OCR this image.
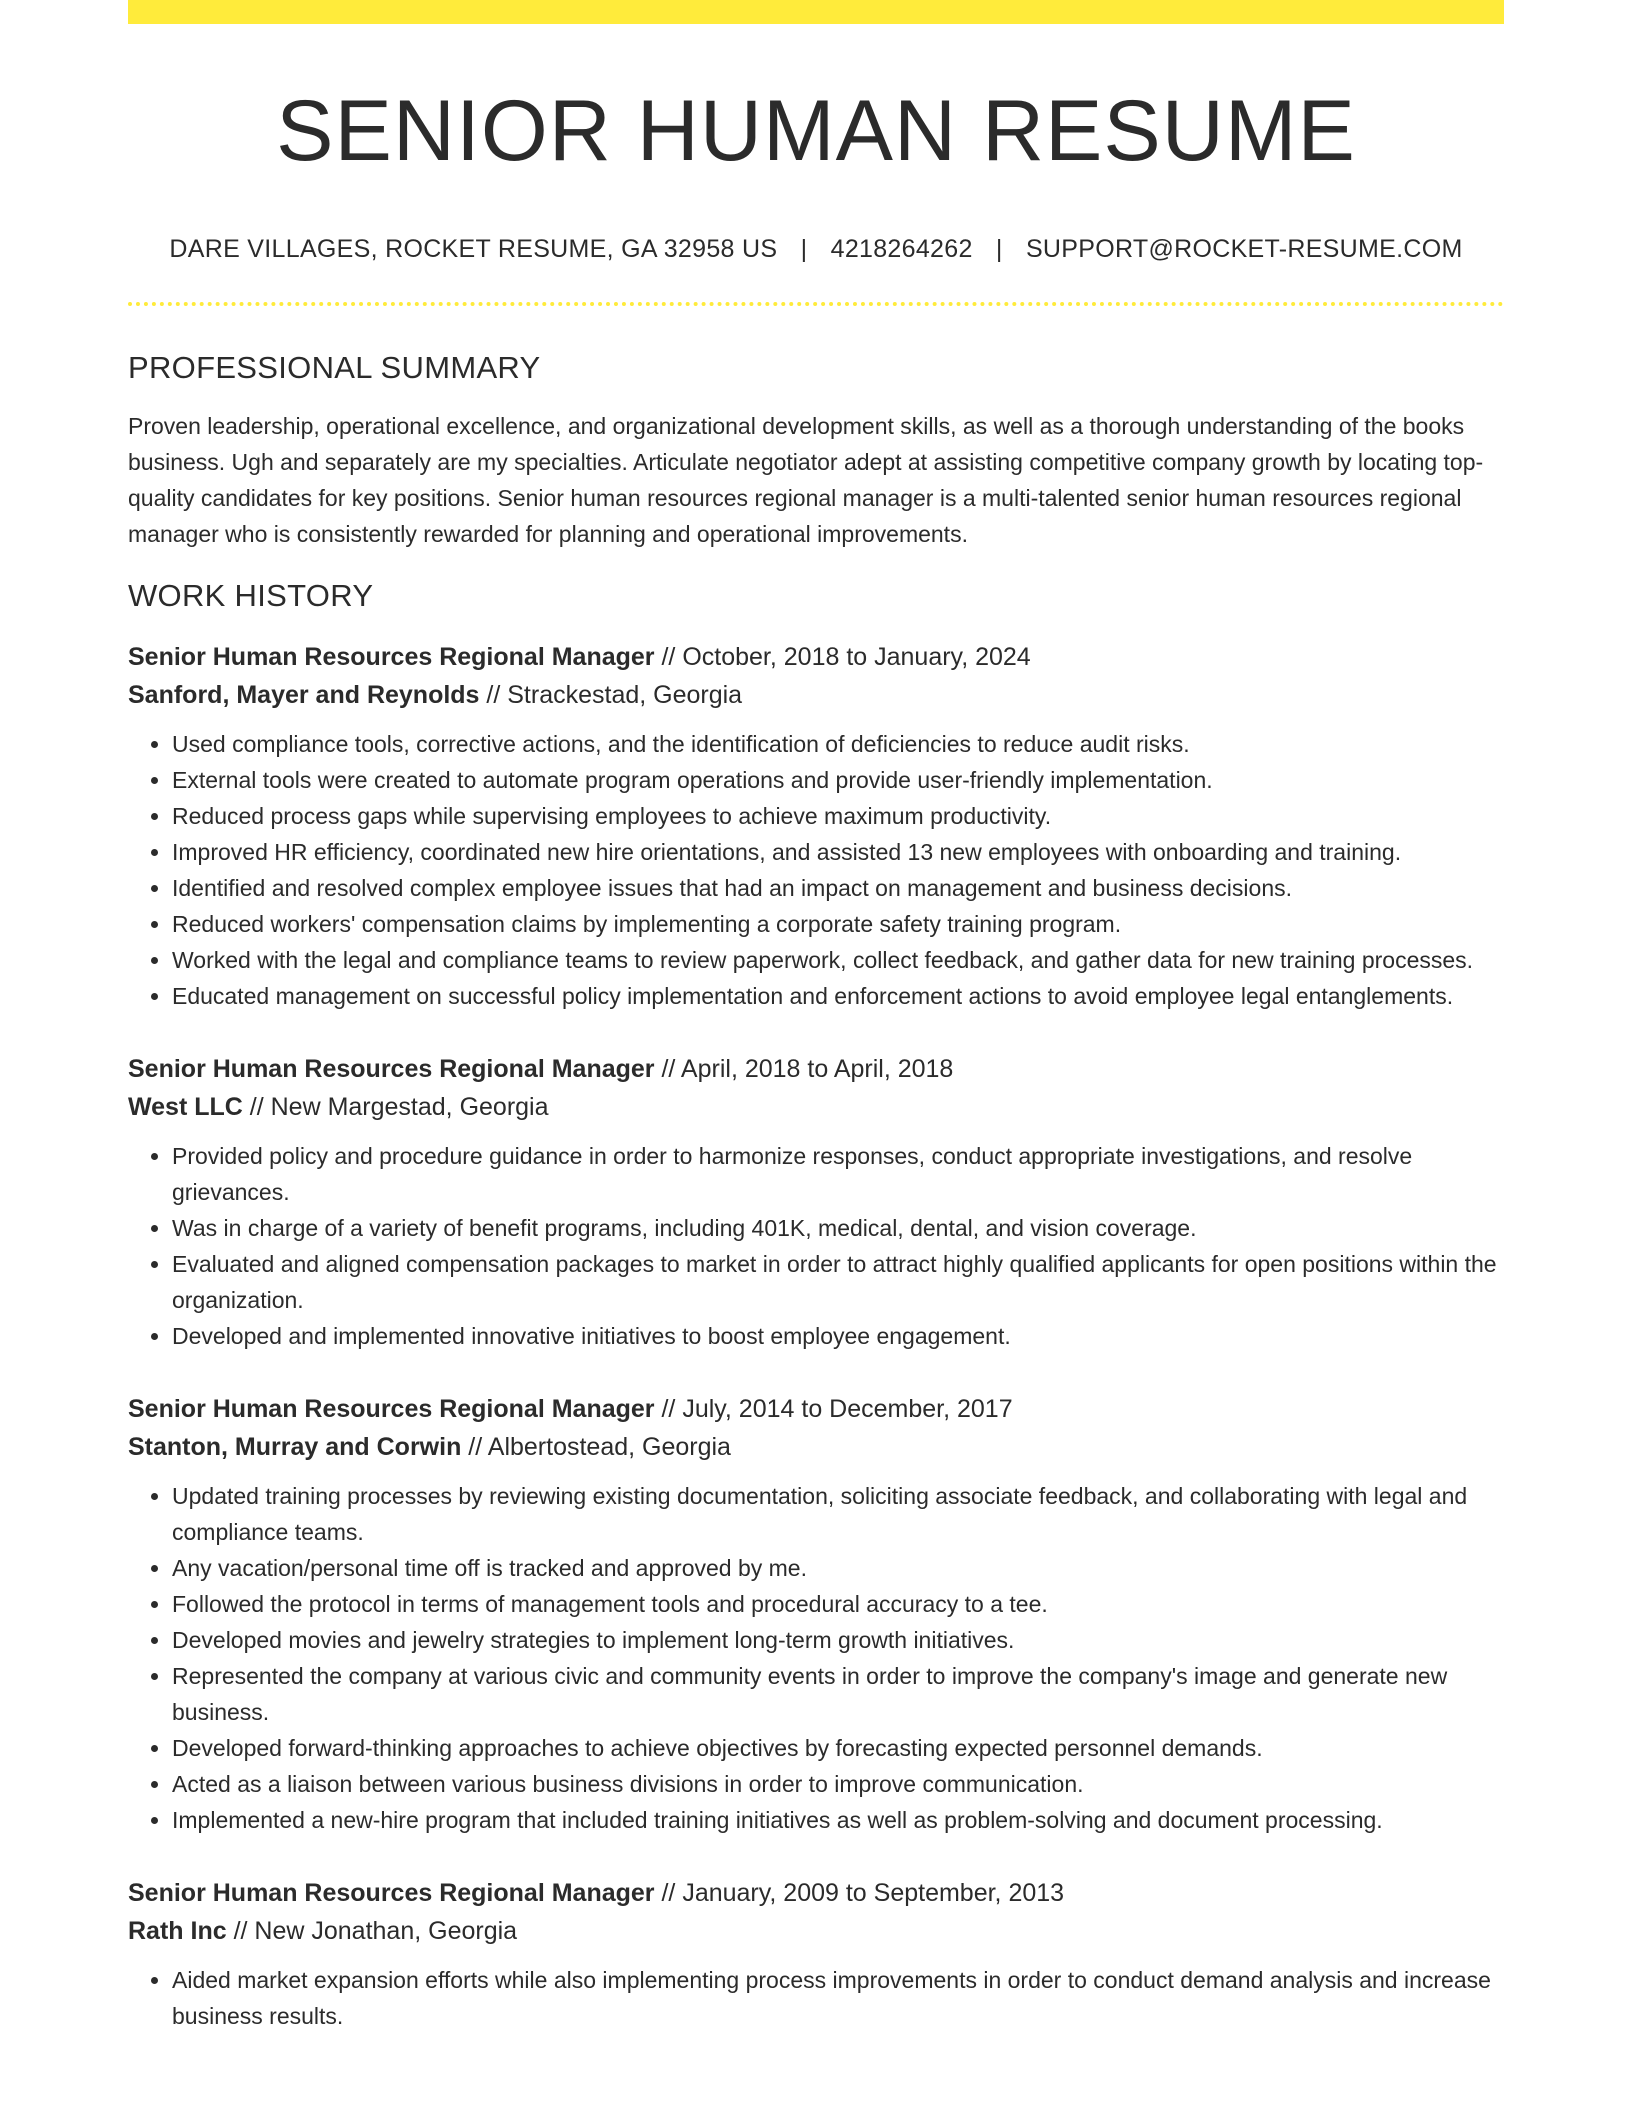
SENIOR HUMAN RESUME
DARE VILLAGES, ROCKET RESUME, GA 32958 US | 4218264262 | SUPPORT@ROCKET-RESUME.COM
PROFESSIONAL SUMMARY

Proven leadership, operational excellence, and organizational development skills, as well as a thorough understanding of the books business. Ugh and separately are my specialties. Articulate negotiator adept at assisting competitive company growth by locating top-quality candidates for key positions. Senior human resources regional manager is a multi-talented senior human resources regional manager who is consistently rewarded for planning and operational improvements.

WORK HISTORY
Senior Human Resources Regional Manager // October, 2018 to January, 2024
Sanford, Mayer and Reynolds // Strackestad, Georgia
• Used compliance tools, corrective actions, and the identification of deficiencies to reduce audit risks.
• External tools were created to automate program operations and provide user-friendly implementation.
• Reduced process gaps while supervising employees to achieve maximum productivity.
• Improved HR efficiency, coordinated new hire orientations, and assisted 13 new employees with onboarding and training.
• Identified and resolved complex employee issues that had an impact on management and business decisions.
• Reduced workers' compensation claims by implementing a corporate safety training program.
• Worked with the legal and compliance teams to review paperwork, collect feedback, and gather data for new training processes.
• Educated management on successful policy implementation and enforcement actions to avoid employee legal entanglements.
Senior Human Resources Regional Manager // April, 2018 to April, 2018
West LLC // New Margestad, Georgia
• Provided policy and procedure guidance in order to harmonize responses, conduct appropriate investigations, and resolve grievances.
• Was in charge of a variety of benefit programs, including 401K, medical, dental, and vision coverage.
• Evaluated and aligned compensation packages to market in order to attract highly qualified applicants for open positions within the organization.
• Developed and implemented innovative initiatives to boost employee engagement.
Senior Human Resources Regional Manager // July, 2014 to December, 2017
Stanton, Murray and Corwin // Albertostead, Georgia
• Updated training processes by reviewing existing documentation, soliciting associate feedback, and collaborating with legal and compliance teams.
• Any vacation/personal time off is tracked and approved by me.
• Followed the protocol in terms of management tools and procedural accuracy to a tee.
• Developed movies and jewelry strategies to implement long-term growth initiatives.
• Represented the company at various civic and community events in order to improve the company's image and generate new business.
• Developed forward-thinking approaches to achieve objectives by forecasting expected personnel demands.
• Acted as a liaison between various business divisions in order to improve communication.
• Implemented a new-hire program that included training initiatives as well as problem-solving and document processing.
Senior Human Resources Regional Manager // January, 2009 to September, 2013
Rath Inc // New Jonathan, Georgia
• Aided market expansion efforts while also implementing process improvements in order to conduct demand analysis and increase business results.
